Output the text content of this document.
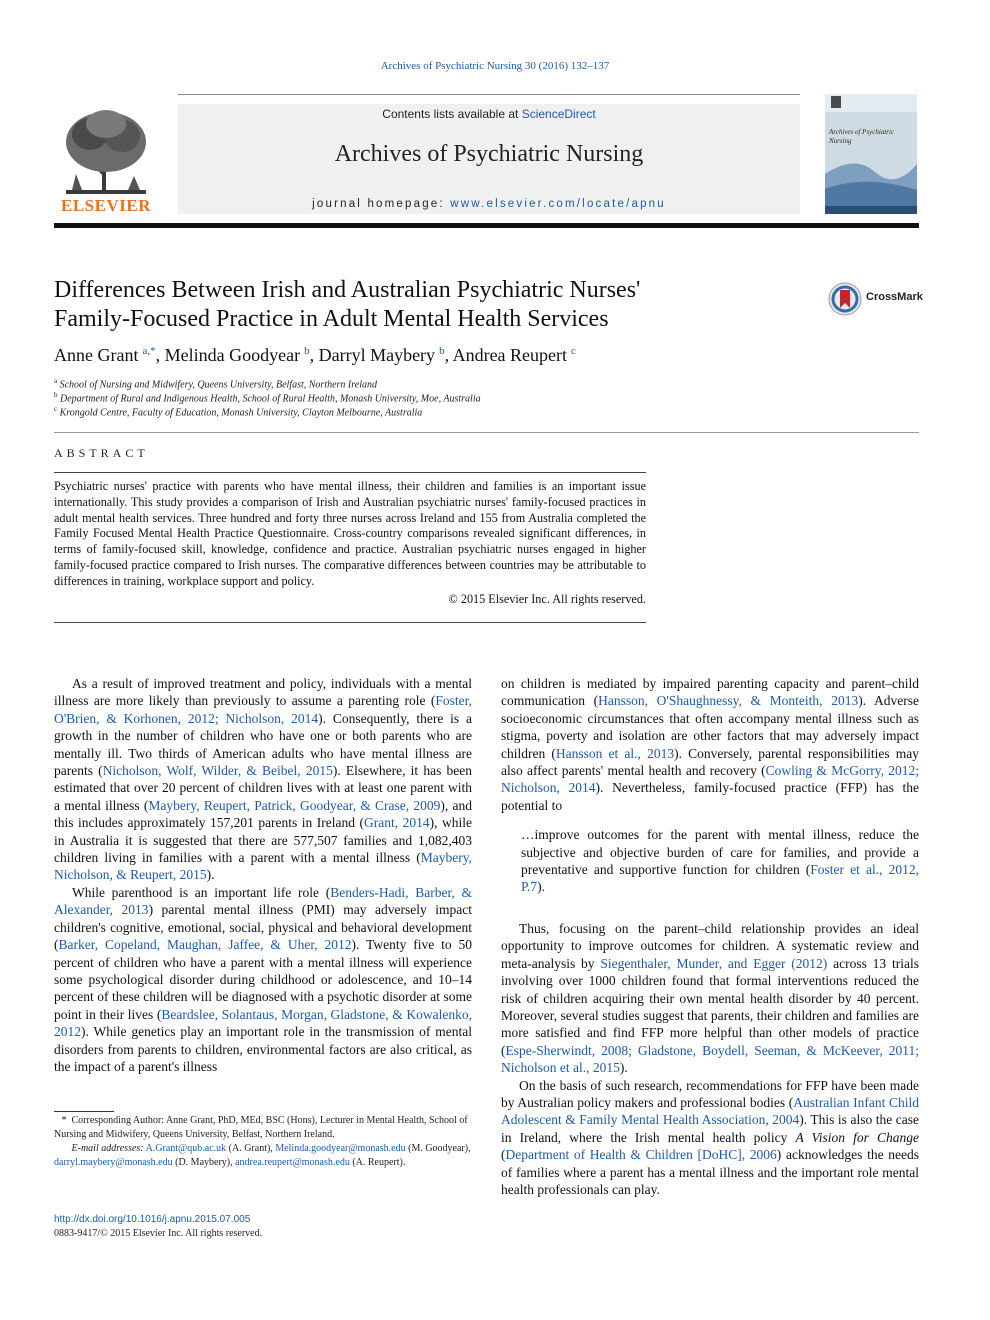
Archives of Psychiatric Nursing 30 (2016) 132–137
ELSEVIER
Contents lists available at ScienceDirect
Archives of Psychiatric Nursing
journal homepage: www.elsevier.com/locate/apnu
Archives of Psychiatric Nursing
Differences Between Irish and Australian Psychiatric Nurses'
Family-Focused Practice in Adult Mental Health Services
CrossMark
Anne Grant $^{a,*}$, Melinda Goodyear $^b$, Darryl Maybery $^b$, Andrea Reupert $^c$
$^a$ School of Nursing and Midwifery, Queens University, Belfast, Northern Ireland
$^b$ Department of Rural and Indigenous Health, School of Rural Health, Monash University, Moe, Australia
$^c$ Krongold Centre, Faculty of Education, Monash University, Clayton Melbourne, Australia
ABSTRACT
Psychiatric nurses' practice with parents who have mental illness, their children and families is an important issue internationally. This study provides a comparison of Irish and Australian psychiatric nurses' family-focused practices in adult mental health services. Three hundred and forty three nurses across Ireland and 155 from Australia completed the Family Focused Mental Health Practice Questionnaire. Cross-country comparisons revealed significant differences, in terms of family-focused skill, knowledge, confidence and practice. Australian psychiatric nurses engaged in higher family-focused practice compared to Irish nurses. The comparative differences between countries may be attributable to differences in training, workplace support and policy.
© 2015 Elsevier Inc. All rights reserved.

As a result of improved treatment and policy, individuals with a mental illness are more likely than previously to assume a parenting role (Foster, O'Brien, & Korhonen, 2012; Nicholson, 2014). Consequently, there is a growth in the number of children who have one or both parents who are mentally ill. Two thirds of American adults who have mental illness are parents (Nicholson, Wolf, Wilder, & Beibel, 2015). Elsewhere, it has been estimated that over 20 percent of children lives with at least one parent with a mental illness (Maybery, Reupert, Patrick, Goodyear, & Crase, 2009), and this includes approximately 157,201 parents in Ireland (Grant, 2014), while in Australia it is suggested that there are 577,507 families and 1,082,403 children living in families with a parent with a mental illness (Maybery, Nicholson, & Reupert, 2015).

While parenthood is an important life role (Benders-Hadi, Barber, & Alexander, 2013) parental mental illness (PMI) may adversely impact children's cognitive, emotional, social, physical and behavioral development (Barker, Copeland, Maughan, Jaffee, & Uher, 2012). Twenty five to 50 percent of children who have a parent with a mental illness will experience some psychological disorder during childhood or adolescence, and 10–14 percent of these children will be diagnosed with a psychotic disorder at some point in their lives (Beardslee, Solantaus, Morgan, Gladstone, & Kowalenko, 2012). While genetics play an important role in the transmission of mental disorders from parents to children, environmental factors are also critical, as the impact of a parent's illness

on children is mediated by impaired parenting capacity and parent–child communication (Hansson, O'Shaughnessy, & Monteith, 2013). Adverse socioeconomic circumstances that often accompany mental illness such as stigma, poverty and isolation are other factors that may adversely impact children (Hansson et al., 2013). Conversely, parental responsibilities may also affect parents' mental health and recovery (Cowling & McGorry, 2012; Nicholson, 2014). Nevertheless, family-focused practice (FFP) has the potential to

…improve outcomes for the parent with mental illness, reduce the subjective and objective burden of care for families, and provide a preventative and supportive function for children (Foster et al., 2012, P.7).

Thus, focusing on the parent–child relationship provides an ideal opportunity to improve outcomes for children. A systematic review and meta-analysis by Siegenthaler, Munder, and Egger (2012) across 13 trials involving over 1000 children found that formal interventions reduced the risk of children acquiring their own mental health disorder by 40 percent. Moreover, several studies suggest that parents, their children and families are more satisfied and find FFP more helpful than other models of practice (Espe-Sherwindt, 2008; Gladstone, Boydell, Seeman, & McKeever, 2011; Nicholson et al., 2015).

On the basis of such research, recommendations for FFP have been made by Australian policy makers and professional bodies (Australian Infant Child Adolescent & Family Mental Health Association, 2004). This is also the case in Ireland, where the Irish mental health policy A Vision for Change (Department of Health & Children [DoHC], 2006) acknowledges the needs of families where a parent has a mental illness and the important role mental health professionals can play.

* Corresponding Author: Anne Grant, PhD, MEd, BSC (Hons), Lecturer in Mental Health, School of Nursing and Midwifery, Queens University, Belfast, Northern Ireland.
E-mail addresses: A.Grant@qub.ac.uk (A. Grant), Melinda.goodyear@monash.edu (M. Goodyear), darryl.maybery@monash.edu (D. Maybery), andrea.reupert@monash.edu (A. Reupert).
http://dx.doi.org/10.1016/j.apnu.2015.07.005
0883-9417/© 2015 Elsevier Inc. All rights reserved.
